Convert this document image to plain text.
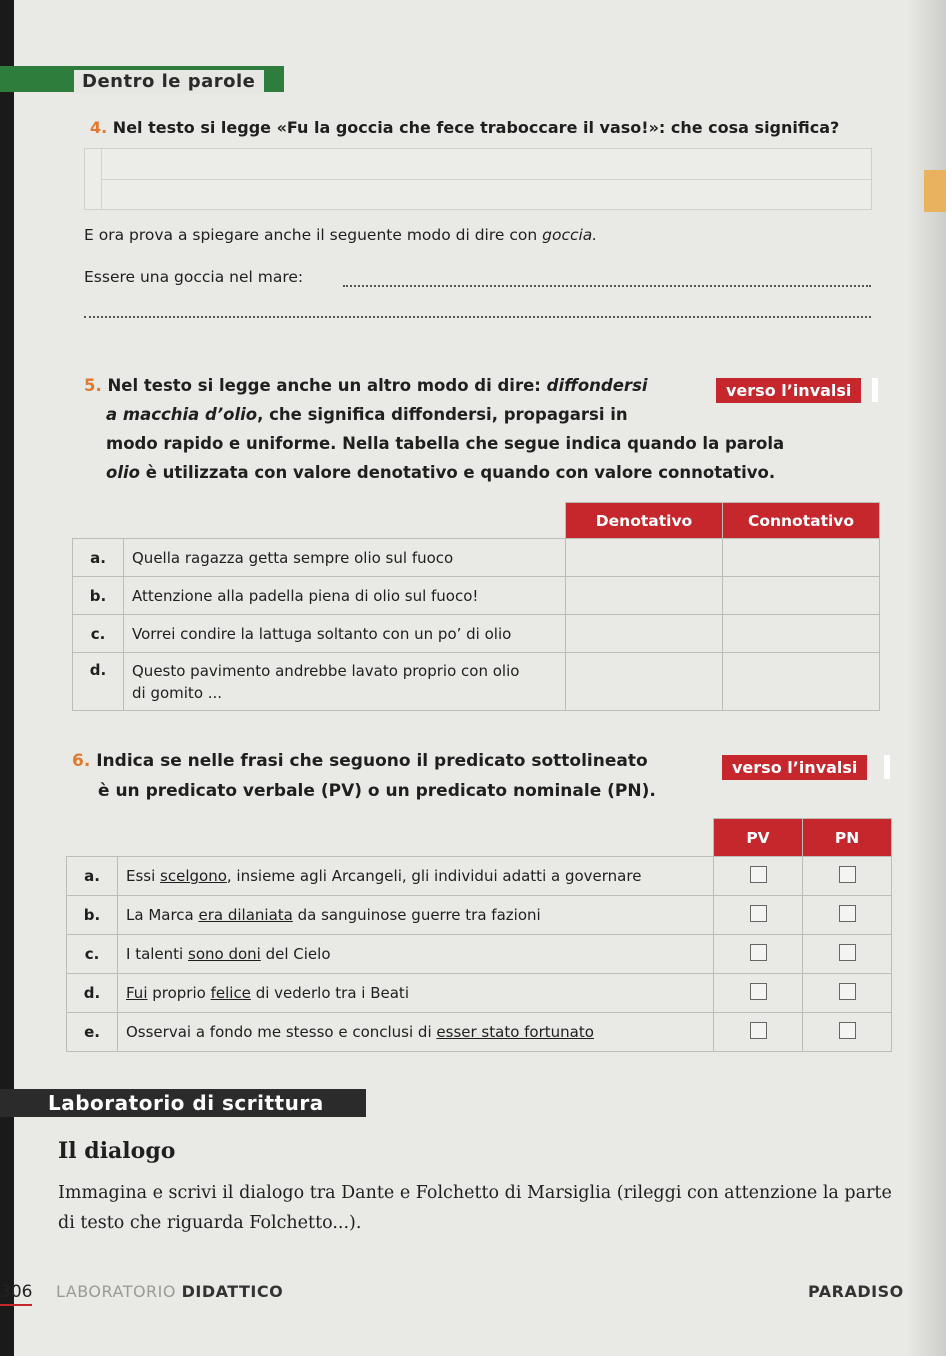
Dentro le parole
4. Nel testo si legge «Fu la goccia che fece traboccare il vaso!»: che cosa significa?
E ora prova a spiegare anche il seguente modo di dire con goccia.
Essere una goccia nel mare:
5. Nel testo si legge anche un altro modo di dire: diffondersi
a macchia d’olio, che significa diffondersi, propagarsi in
modo rapido e uniforme. Nella tabella che segue indica quando la parola
olio è utilizzata con valore denotativo e quando con valore connotativo.
verso l’invalsi
		Denotativo	Connotativo
a.	Quella ragazza getta sempre olio sul fuoco		
b.	Attenzione alla padella piena di olio sul fuoco!		
c.	Vorrei condire la lattuga soltanto con un po’ di olio		
d.	Questo pavimento andrebbe lavato proprio con olio
di gomito ...		

6. Indica se nelle frasi che seguono il predicato sottolineato
è un predicato verbale (PV) o un predicato nominale (PN).
verso l’invalsi
		PV	PN
a.	Essi scelgono, insieme agli Arcangeli, gli individui adatti a governare		
b.	La Marca era dilaniata da sanguinose guerre tra fazioni		
c.	I talenti sono doni del Cielo		
d.	Fui proprio felice di vederlo tra i Beati		
e.	Osservai a fondo me stesso e conclusi di esser stato fortunato		
Laboratorio di scrittura
Il dialogo
Immagina e scrivi il dialogo tra Dante e Folchetto di Marsiglia (rileggi con attenzione la parte
di testo che riguarda Folchetto...).
306 LABORATORIO DIDATTICO	PARADISO
